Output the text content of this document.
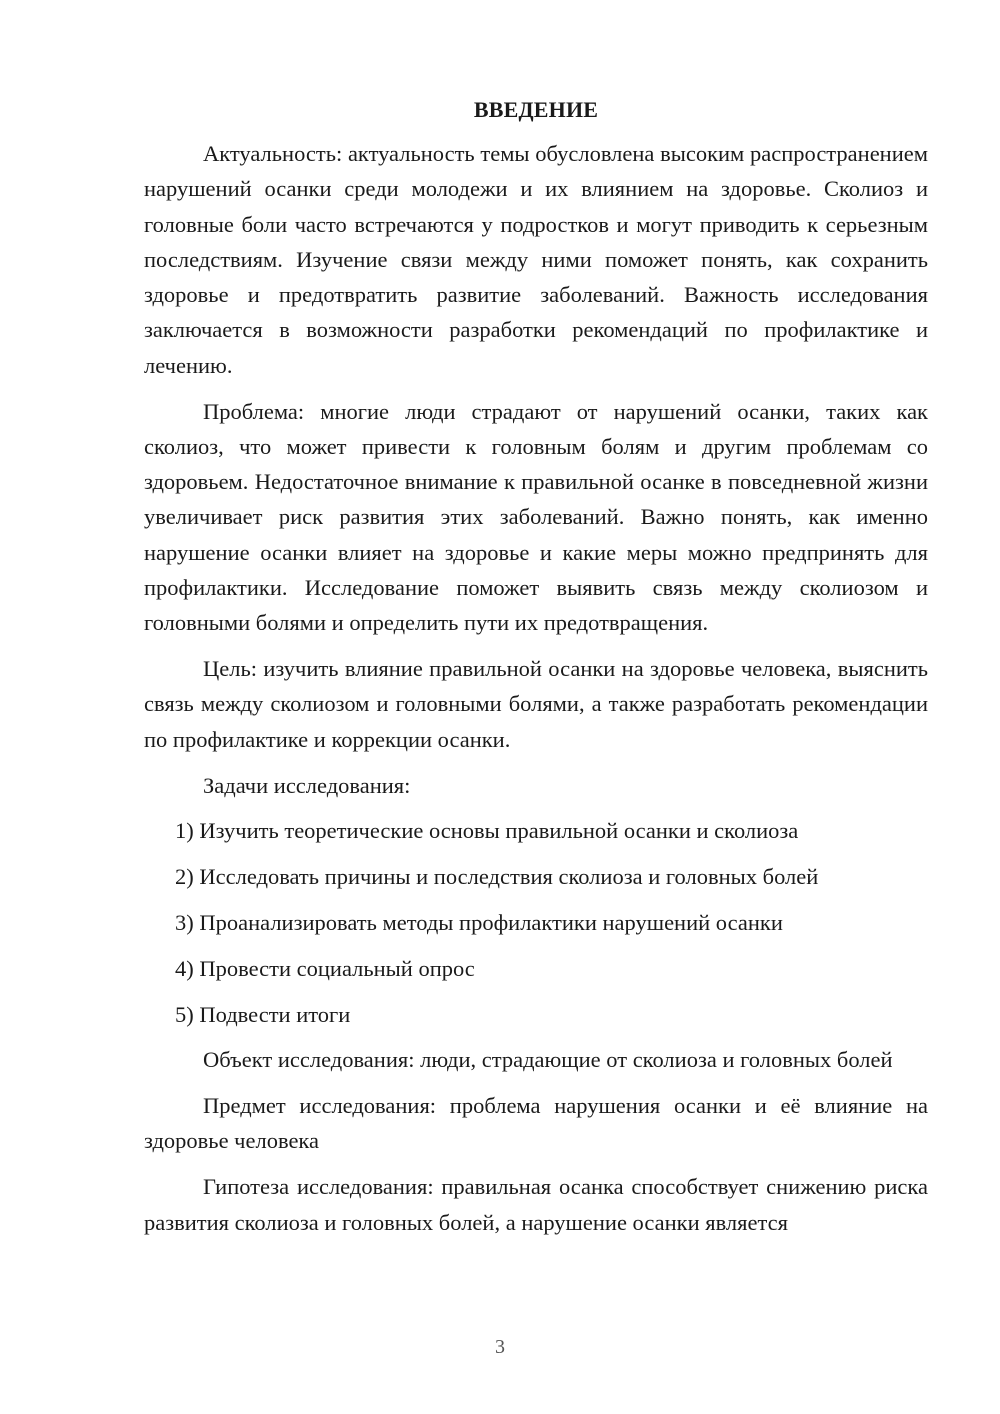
ВВЕДЕНИЕ

Актуальность: актуальность темы обусловлена высоким распространением нарушений осанки среди молодежи и их влиянием на здоровье. Сколиоз и головные боли часто встречаются у подростков и могут приводить к серьезным последствиям. Изучение связи между ними поможет понять, как сохранить здоровье и предотвратить развитие заболеваний. Важность исследования заключается в возможности разработки рекомендаций по профилактике и лечению.

Проблема: многие люди страдают от нарушений осанки, таких как сколиоз, что может привести к головным болям и другим проблемам со здоровьем. Недостаточное внимание к правильной осанке в повседневной жизни увеличивает риск развития этих заболеваний. Важно понять, как именно нарушение осанки влияет на здоровье и какие меры можно предпринять для профилактики. Исследование поможет выявить связь между сколиозом и головными болями и определить пути их предотвращения.

Цель: изучить влияние правильной осанки на здоровье человека, выяснить связь между сколиозом и головными болями, а также разработать рекомендации по профилактике и коррекции осанки.

Задачи исследования:

1) Изучить теоретические основы правильной осанки и сколиоза

2) Исследовать причины и последствия сколиоза и головных болей

3) Проанализировать методы профилактики нарушений осанки

4) Провести социальный опрос

5) Подвести итоги

Объект исследования: люди, страдающие от сколиоза и головных болей

Предмет исследования: проблема нарушения осанки и её влияние на здоровье человека

Гипотеза исследования: правильная осанка способствует снижению риска развития сколиоза и головных болей, а нарушение осанки является

3
